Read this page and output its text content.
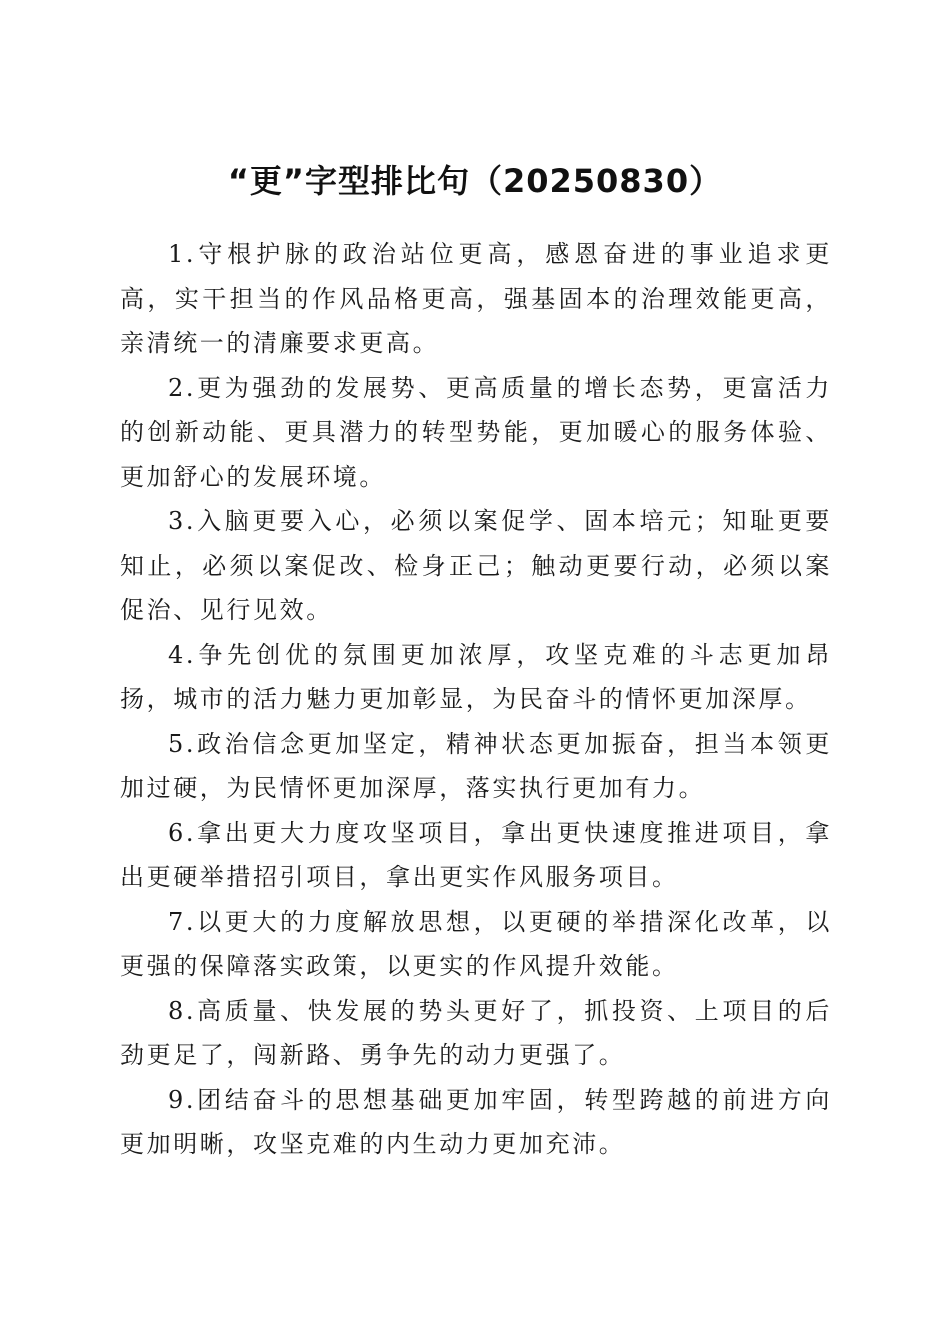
“更”字型排比句（20250830）

1.守根护脉的政治站位更高，感恩奋进的事业追求更高，实干担当的作风品格更高，强基固本的治理效能更高，亲清统一的清廉要求更高。

2.更为强劲的发展势、更高质量的增长态势，更富活力的创新动能、更具潜力的转型势能，更加暖心的服务体验、更加舒心的发展环境。

3.入脑更要入心，必须以案促学、固本培元；知耻更要知止，必须以案促改、检身正己；触动更要行动，必须以案促治、见行见效。

4.争先创优的氛围更加浓厚，攻坚克难的斗志更加昂扬，城市的活力魅力更加彰显，为民奋斗的情怀更加深厚。

5.政治信念更加坚定，精神状态更加振奋，担当本领更加过硬，为民情怀更加深厚，落实执行更加有力。

6.拿出更大力度攻坚项目，拿出更快速度推进项目，拿出更硬举措招引项目，拿出更实作风服务项目。

7.以更大的力度解放思想，以更硬的举措深化改革，以更强的保障落实政策，以更实的作风提升效能。

8.高质量、快发展的势头更好了，抓投资、上项目的后劲更足了，闯新路、勇争先的动力更强了。

9.团结奋斗的思想基础更加牢固，转型跨越的前进方向更加明晰，攻坚克难的内生动力更加充沛。
